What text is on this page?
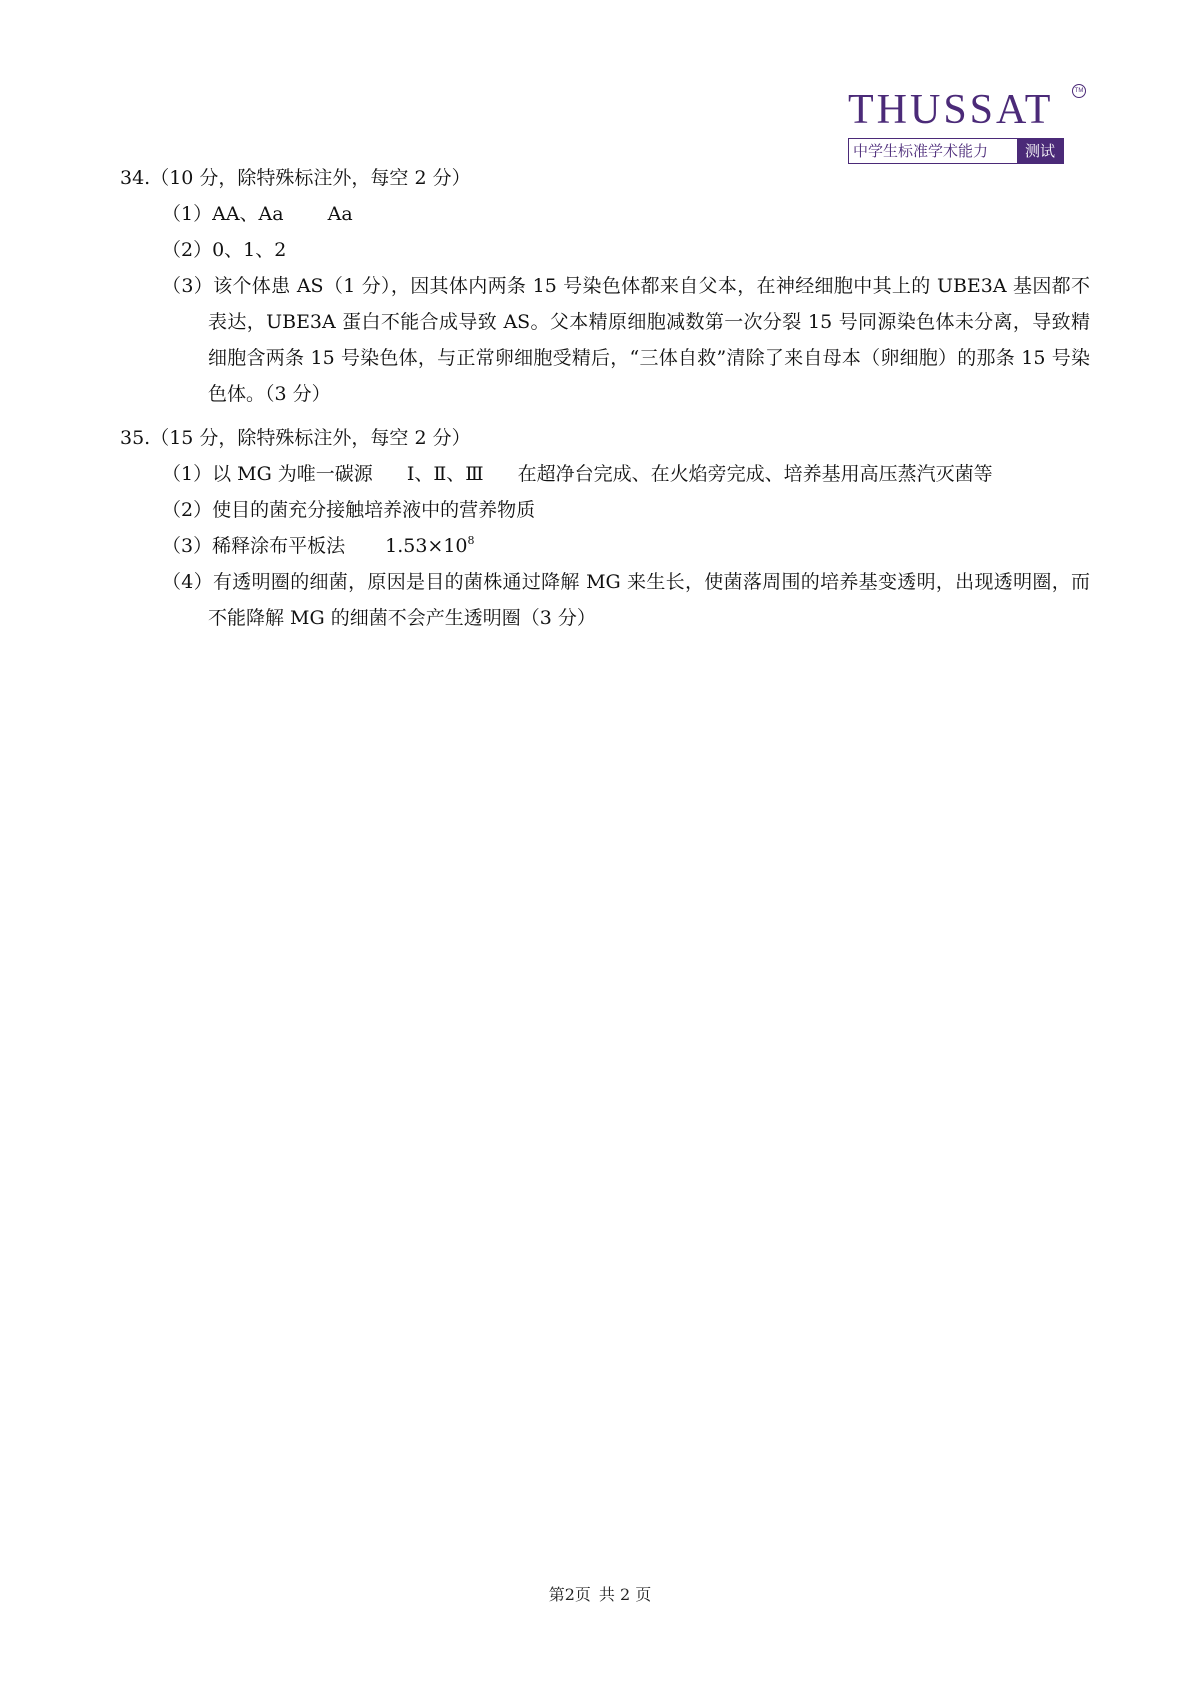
THUSSAT	TM
中学生标准学术能力	测试
34.（10 分，除特殊标注外，每空 2 分）
（1）AA、Aa Aa
（2）0、1、2
（3）该个体患 AS（1 分），因其体内两条 15 号染色体都来自父本，在神经细胞中其上的 UBE3A 基因都不表达，UBE3A 蛋白不能合成导致 AS。父本精原细胞减数第一次分裂 15 号同源染色体未分离，导致精细胞含两条 15 号染色体，与正常卵细胞受精后，“三体自救”清除了来自母本（卵细胞）的那条 15 号染色体。（3 分）
35.（15 分，除特殊标注外，每空 2 分）
（1）以 MG 为唯一碳源 Ⅰ、Ⅱ、Ⅲ 在超净台完成、在火焰旁完成、培养基用高压蒸汽灭菌等
（2）使目的菌充分接触培养液中的营养物质
（3）稀释涂布平板法 $1.53\times 10^8$
（4）有透明圈的细菌，原因是目的菌株通过降解 MG 来生长，使菌落周围的培养基变透明，出现透明圈，而不能降解 MG 的细菌不会产生透明圈（3 分）
第2页 共 2 页
